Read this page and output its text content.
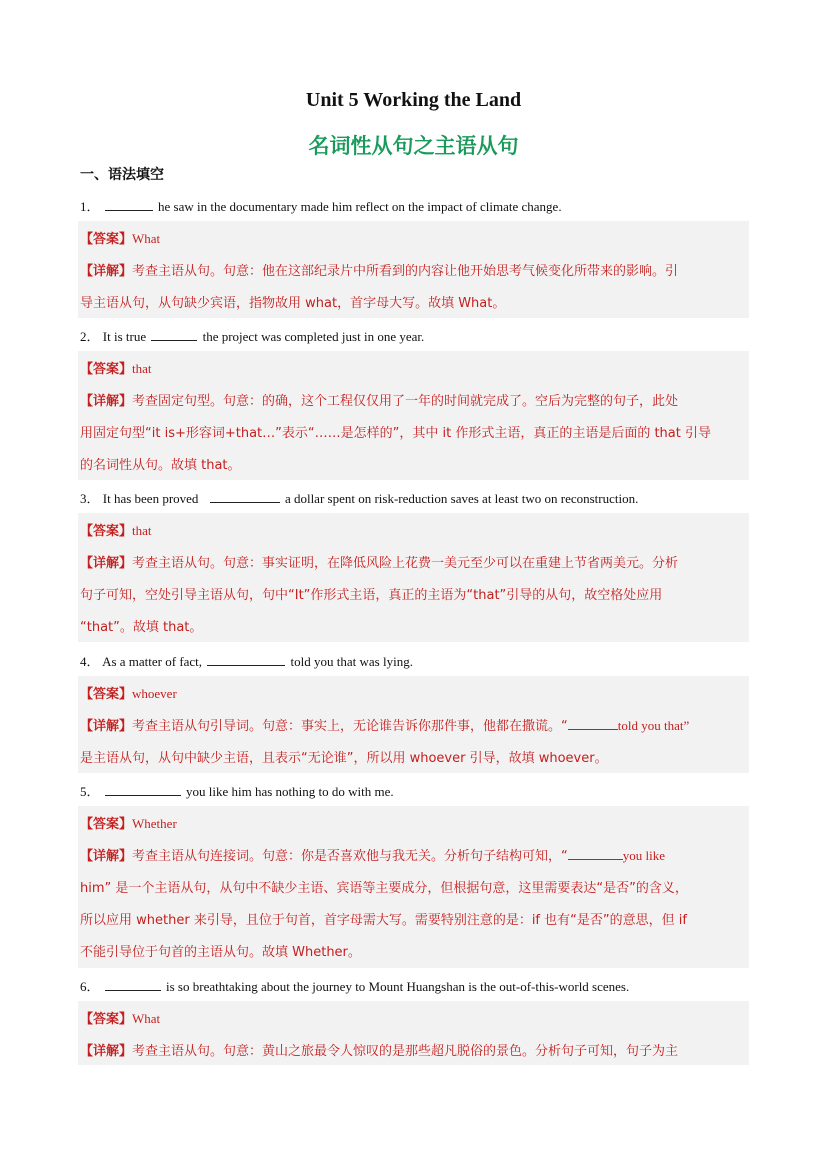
Unit 5 Working the Land
名词性从句之主语从句
一、语法填空
1．	he saw in the documentary made him reflect on the impact of climate change.
【答案】What
【详解】考查主语从句。句意：他在这部纪录片中所看到的内容让他开始思考气候变化所带来的影响。引
导主语从句，从句缺少宾语，指物故用 what，首字母大写。故填 What。
2． It is true	the project was completed just in one year.
【答案】that
【详解】考查固定句型。句意：的确，这个工程仅仅用了一年的时间就完成了。空后为完整的句子，此处
用固定句型“it is+形容词+that…”表示“……是怎样的”，其中 it 作形式主语，真正的主语是后面的 that 引导
的名词性从句。故填 that。
3． It has been proved	a dollar spent on risk-reduction saves at least two on reconstruction.
【答案】that
【详解】考查主语从句。句意：事实证明，在降低风险上花费一美元至少可以在重建上节省两美元。分析
句子可知，空处引导主语从句，句中“It”作形式主语，真正的主语为“that”引导的从句，故空格处应用
“that”。故填 that。
4． As a matter of fact,	told you that was lying.
【答案】whoever
【详解】考查主语从句引导词。句意：事实上，无论谁告诉你那件事，他都在撒谎。“	told you that”
是主语从句，从句中缺少主语，且表示“无论谁”，所以用 whoever 引导，故填 whoever。
5．	you like him has nothing to do with me.
【答案】Whether
【详解】考查主语从句连接词。句意：你是否喜欢他与我无关。分析句子结构可知，“	you like
him” 是一个主语从句，从句中不缺少主语、宾语等主要成分，但根据句意，这里需要表达“是否”的含义，
所以应用 whether 来引导，且位于句首，首字母需大写。需要特别注意的是：if 也有“是否”的意思，但 if
不能引导位于句首的主语从句。故填 Whether。
6．	is so breathtaking about the journey to Mount Huangshan is the out-of-this-world scenes.
【答案】What
【详解】考查主语从句。句意：黄山之旅最令人惊叹的是那些超凡脱俗的景色。分析句子可知，句子为主
